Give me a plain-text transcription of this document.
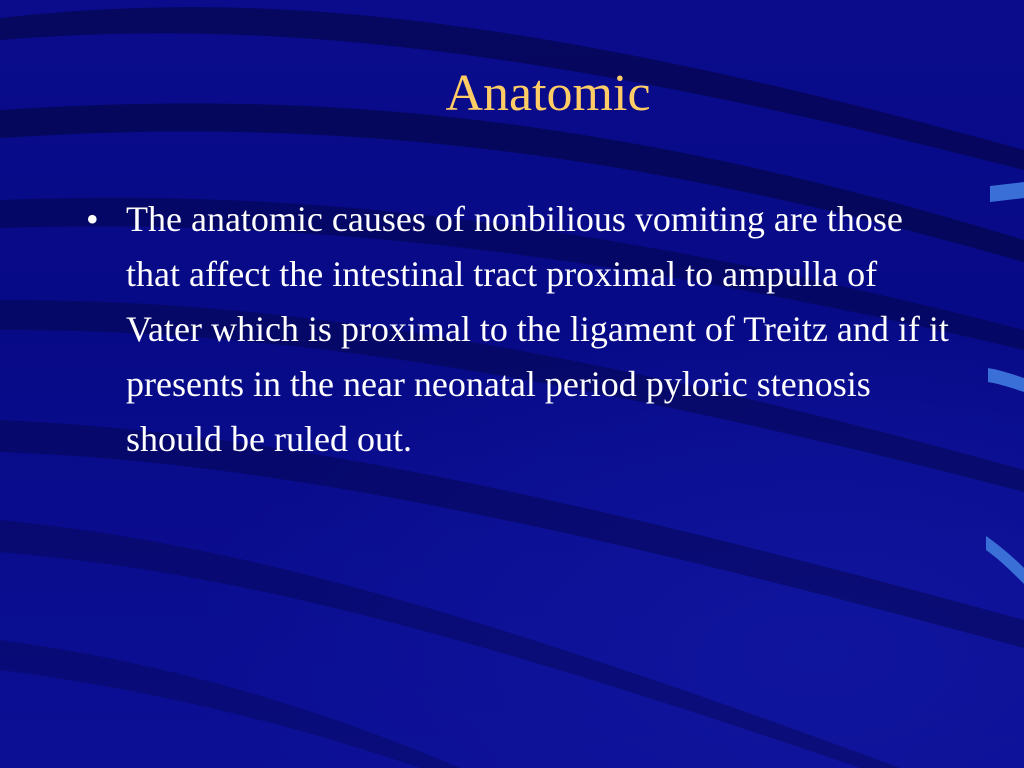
Anatomic
• The anatomic causes of nonbilious vomiting are those that affect the intestinal tract proximal to ampulla of Vater which is proximal to the ligament of Treitz and if it presents in the near neonatal period pyloric stenosis should be ruled out.
